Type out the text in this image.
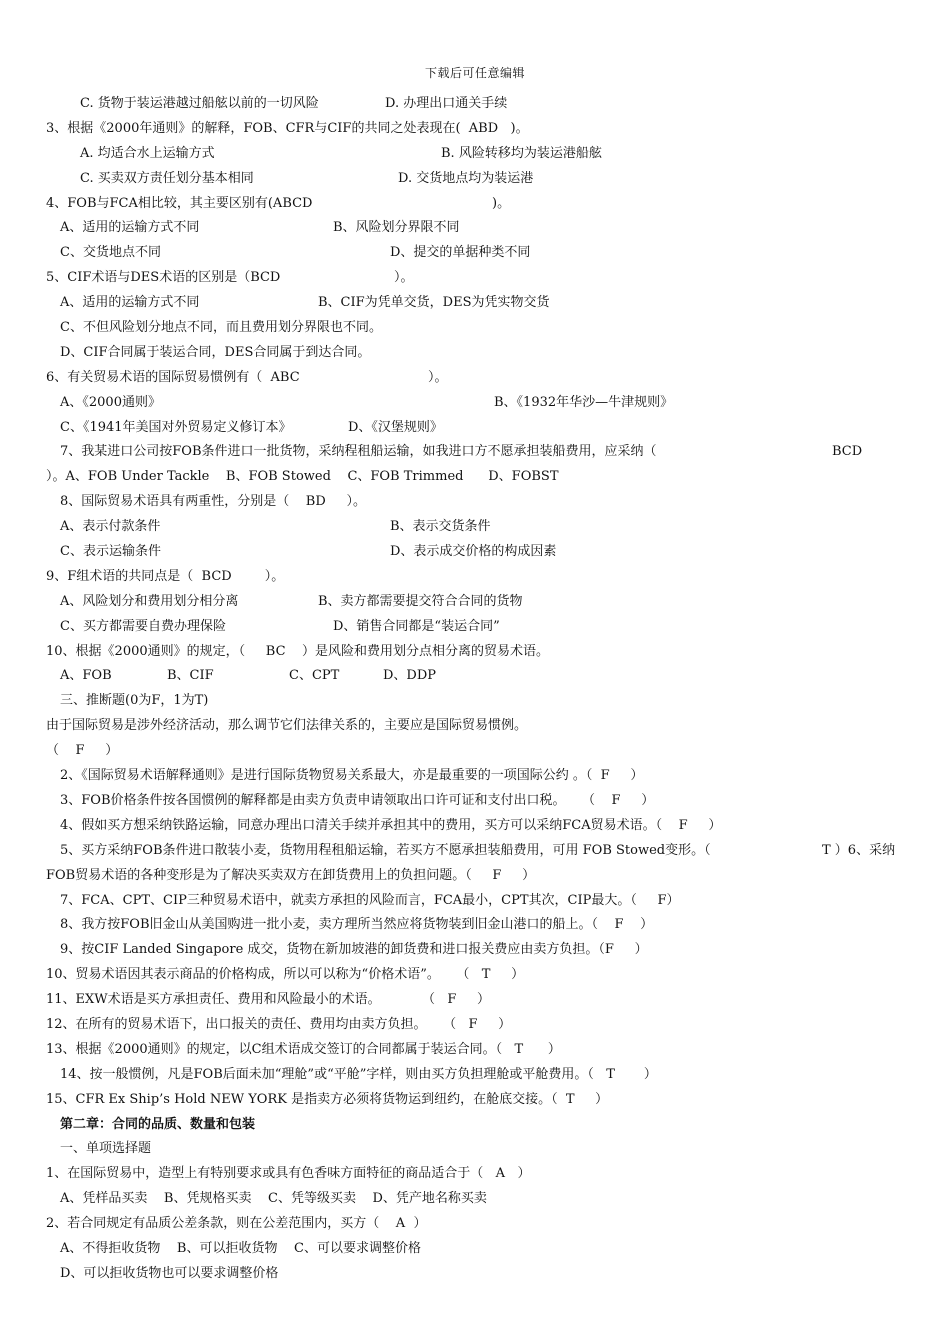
下载后可任意编辑
C. 货物于装运港越过船舷以前的一切风险	D. 办理出口通关手续
3、根据《2000年通则》的解释，FOB、CFR与CIF的共同之处表现在(  ABD   )。
A. 均适合水上运输方式	B. 风险转移均为装运港船舷
C. 买卖双方责任划分基本相同	D. 交货地点均为装运港
4、FOB与FCA相比较，其主要区别有(ABCD	)。
A、适用的运输方式不同	B、风险划分界限不同
C、交货地点不同	D、提交的单据种类不同
5、CIF术语与DES术语的区别是（BCD	）。
A、适用的运输方式不同	B、CIF为凭单交货，DES为凭实物交货
C、不但风险划分地点不同，而且费用划分界限也不同。
D、CIF合同属于装运合同，DES合同属于到达合同。
6、有关贸易术语的国际贸易惯例有（  ABC	）。
A、《2000通则》	B、《1932年华沙—牛津规则》
C、《1941年美国对外贸易定义修订本》	D、《汉堡规则》
7、我某进口公司按FOB条件进口一批货物，采纳程租船运输，如我进口方不愿承担装船费用，应采纳（	BCD
）。A、FOB Under Tackle    B、FOB Stowed    C、FOB Trimmed      D、FOBST
8、国际贸易术语具有两重性，分别是（    BD     ）。
A、表示付款条件	B、表示交货条件
C、表示运输条件	D、表示成交价格的构成因素
9、F组术语的共同点是（  BCD        ）。
A、风险划分和费用划分相分离	B、卖方都需要提交符合合同的货物
C、买方都需要自费办理保险	D、销售合同都是“装运合同”
10、根据《2000通则》的规定，（     BC    ）是风险和费用划分点相分离的贸易术语。
A、FOB	B、CIF	C、CPT	D、DDP
三、推断题(0为F，1为T)
由于国际贸易是涉外经济活动，那么调节它们法律关系的，主要应是国际贸易惯例。
（    F     ）
2、《国际贸易术语解释通则》是进行国际货物贸易关系最大，亦是最重要的一项国际公约 。（  F     ）
3、FOB价格条件按各国惯例的解释都是由卖方负责申请领取出口许可证和支付出口税。    （    F     ）
4、假如买方想采纳铁路运输，同意办理出口清关手续并承担其中的费用，买方可以采纳FCA贸易术语。（    F     ）
5、买方采纳FOB条件进口散装小麦，货物用程租船运输，若买方不愿承担装船费用，可用 FOB Stowed变形。（	T ）6、采纳
FOB贸易术语的各种变形是为了解决买卖双方在卸货费用上的负担问题。（     F     ）
7、FCA、CPT、CIP三种贸易术语中，就卖方承担的风险而言，FCA最小，CPT其次，CIP最大。（     F）
8、我方按FOB旧金山从美国购进一批小麦，卖方理所当然应将货物装到旧金山港口的船上。（    F    ）
9、按CIF Landed Singapore 成交，货物在新加坡港的卸货费和进口报关费应由卖方负担。（F     ）
10、贸易术语因其表示商品的价格构成，所以可以称为“价格术语”。    （   T     ）
11、EXW术语是买方承担责任、费用和风险最小的术语。          （   F     ）
12、在所有的贸易术语下，出口报关的责任、费用均由卖方负担。    （   F     ）
13、根据《2000通则》的规定，以C组术语成交签订的合同都属于装运合同。（   T      ）
14、按一般惯例，凡是FOB后面未加“理舱”或“平舱”字样，则由买方负担理舱或平舱费用。（   T       ）
15、CFR Ex Ship’s Hold NEW YORK 是指卖方必须将货物运到纽约，在舱底交接。（  T     ）
第二章：合同的品质、数量和包装
一、单项选择题
1、在国际贸易中，造型上有特别要求或具有色香味方面特征的商品适合于（   A   ）
A、凭样品买卖    B、凭规格买卖    C、凭等级买卖    D、凭产地名称买卖
2、若合同规定有品质公差条款，则在公差范围内，买方（    A  ）
A、不得拒收货物    B、可以拒收货物    C、可以要求调整价格
D、可以拒收货物也可以要求调整价格
